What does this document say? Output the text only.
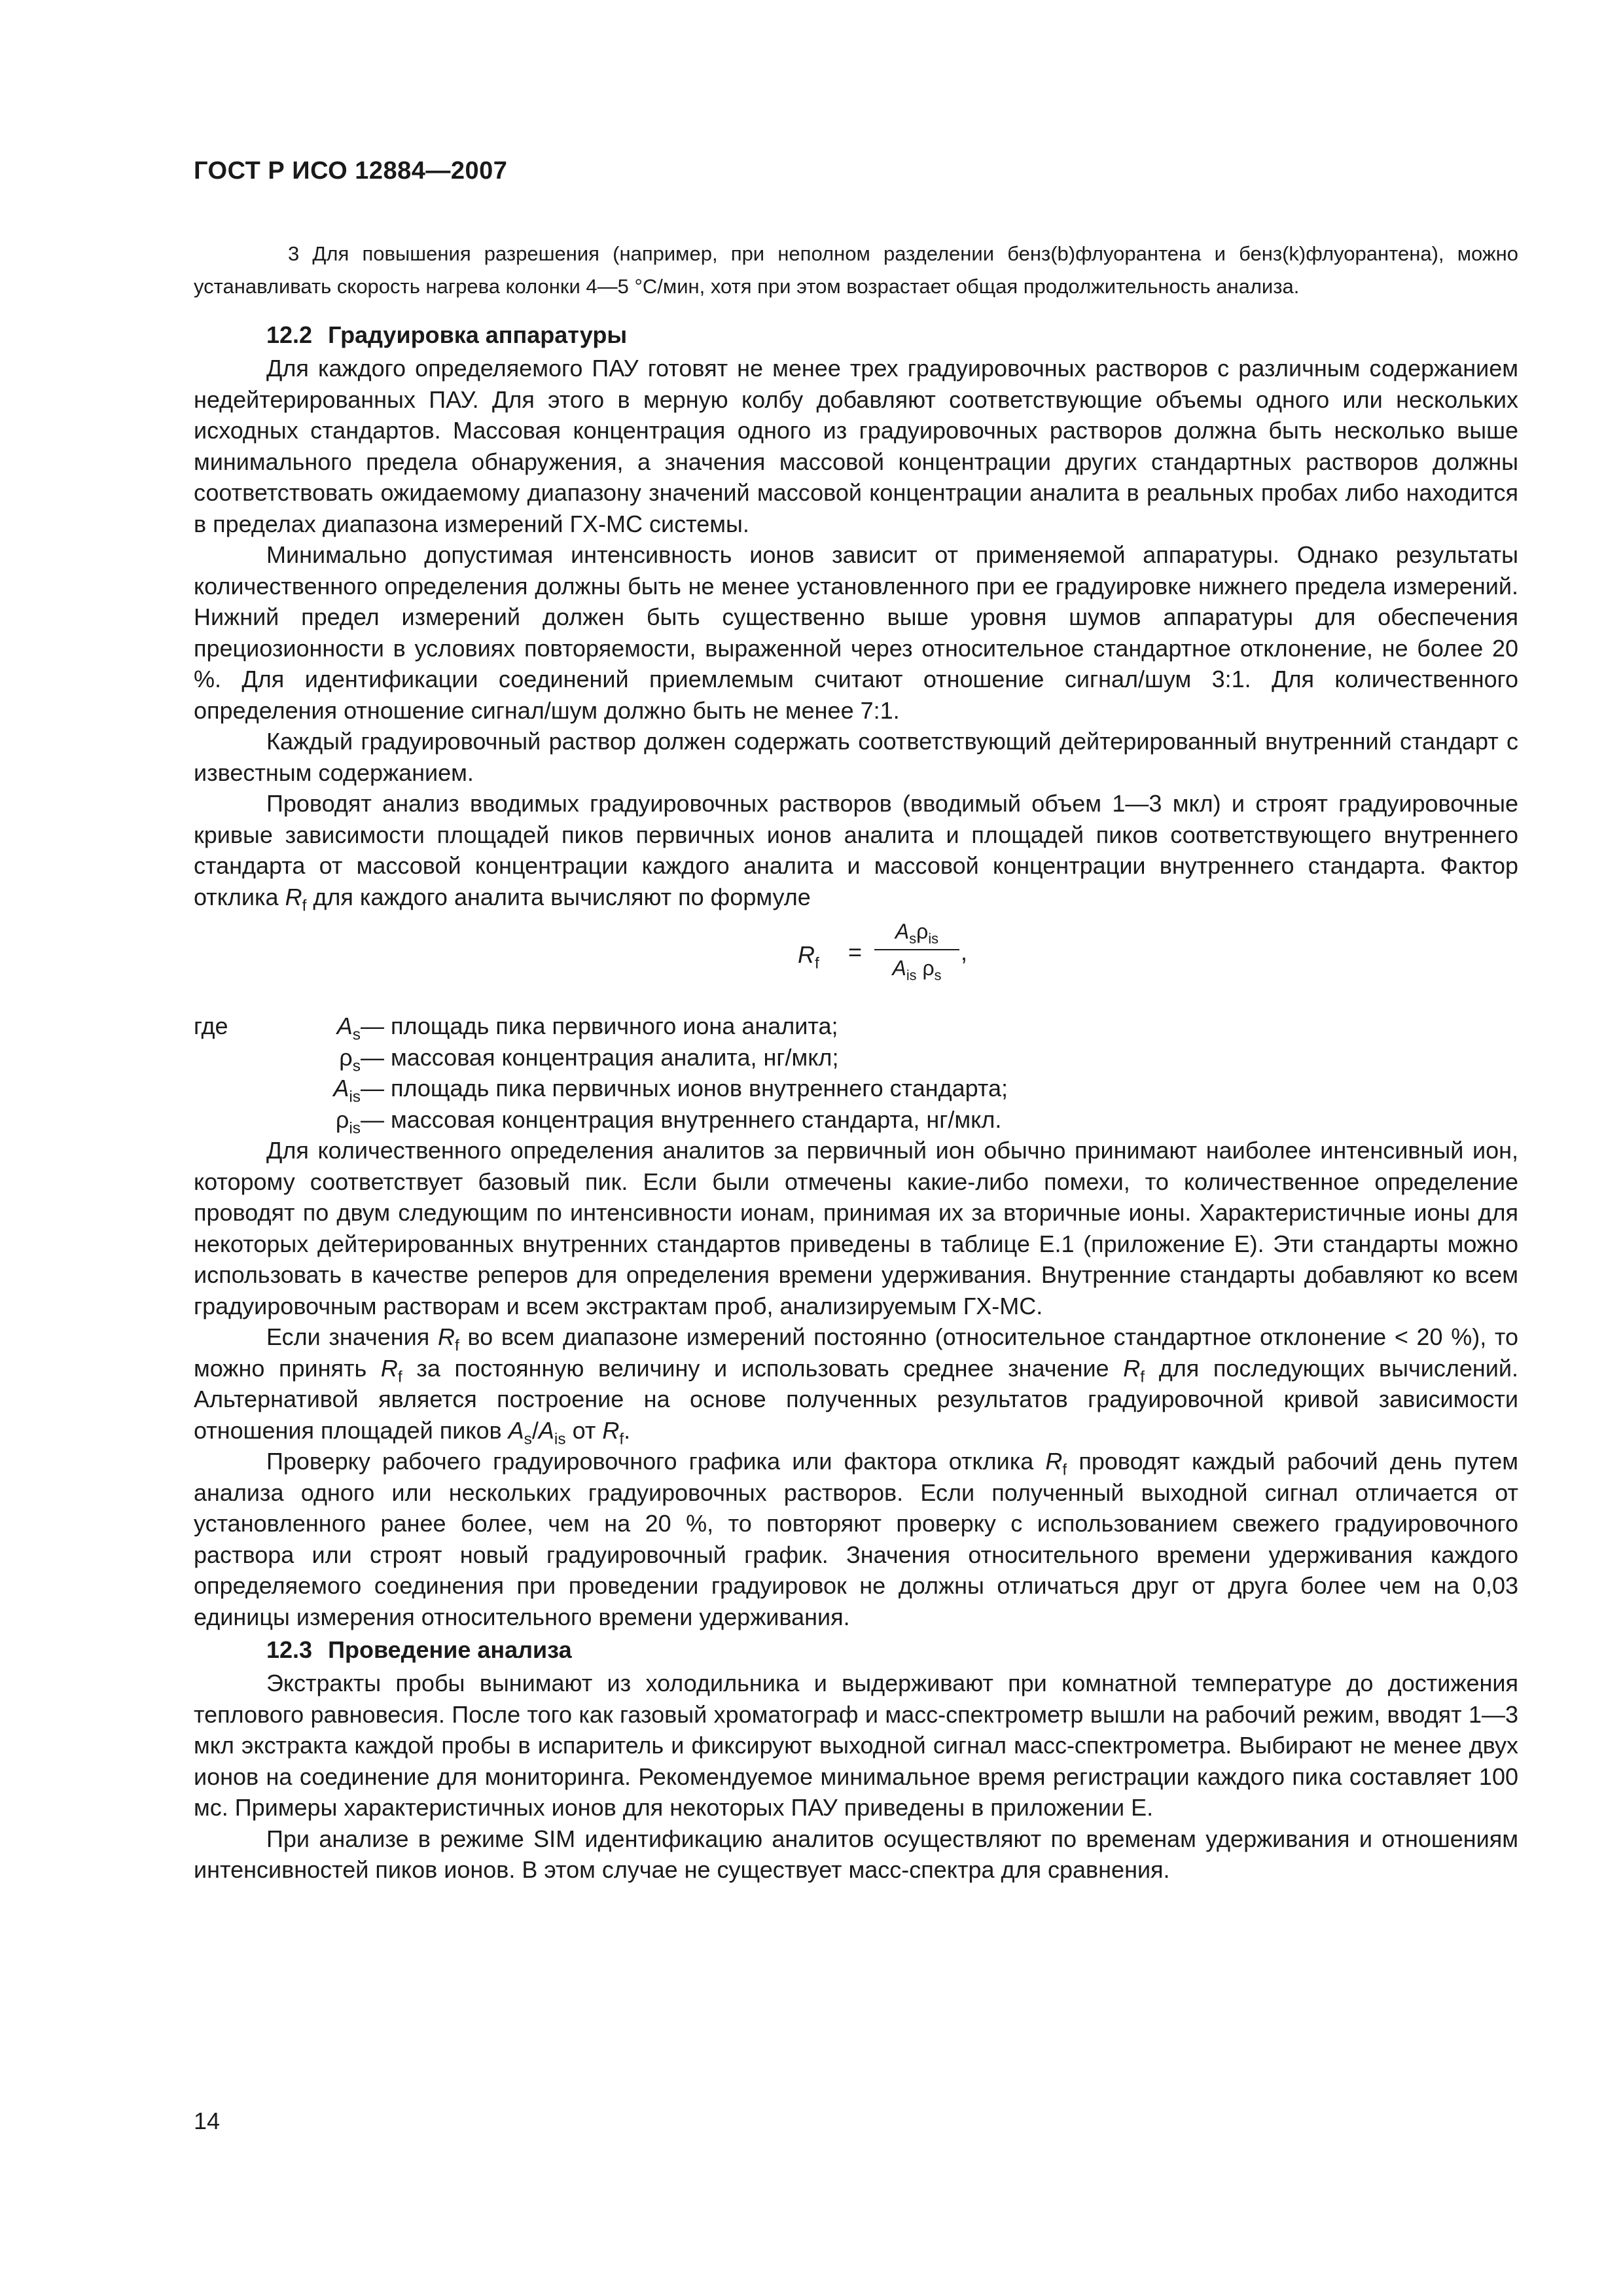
ГОСТ Р ИСО 12884—2007

3 Для повышения разрешения (например, при неполном разделении бенз(b)флуорантена и бенз(k)флуорантена), можно устанавливать скорость нагрева колонки 4—5 °С/мин, хотя при этом возрастает общая продолжительность анализа.

12.2 Градуировка аппаратуры

Для каждого определяемого ПАУ готовят не менее трех градуировочных растворов с различным содержанием недейтерированных ПАУ. Для этого в мерную колбу добавляют соответствующие объемы одного или нескольких исходных стандартов. Массовая концентрация одного из градуировочных растворов должна быть несколько выше минимального предела обнаружения, а значения массовой концентрации других стандартных растворов должны соответствовать ожидаемому диапазону значений массовой концентрации аналита в реальных пробах либо находится в пределах диапазона измерений ГХ-МС системы.

Минимально допустимая интенсивность ионов зависит от применяемой аппаратуры. Однако результаты количественного определения должны быть не менее установленного при ее градуировке нижнего предела измерений. Нижний предел измерений должен быть существенно выше уровня шумов аппаратуры для обеспечения прециозионности в условиях повторяемости, выраженной через относительное стандартное отклонение, не более 20 %. Для идентификации соединений приемлемым считают отношение сигнал/шум 3:1. Для количественного определения отношение сигнал/шум должно быть не менее 7:1.

Каждый градуировочный раствор должен содержать соответствующий дейтерированный внутренний стандарт с известным содержанием.

Проводят анализ вводимых градуировочных растворов (вводимый объем 1—3 мкл) и строят градуировочные кривые зависимости площадей пиков первичных ионов аналита и площадей пиков соответствующего внутреннего стандарта от массовой концентрации каждого аналита и массовой концентрации внутреннего стандарта. Фактор отклика $R_f$ для каждого аналита вычисляют по формуле

$R_f$ =
$A_s\rho_{is}$
$A_{is}$ $\rho_s$
,
где	$A_s$ — площадь пика первичного иона аналита;
$\rho_s$ — массовая концентрация аналита, нг/мкл;
$A_{is}$ — площадь пика первичных ионов внутреннего стандарта;
$\rho_{is}$ — массовая концентрация внутреннего стандарта, нг/мкл.

Для количественного определения аналитов за первичный ион обычно принимают наиболее интенсивный ион, которому соответствует базовый пик. Если были отмечены какие-либо помехи, то количественное определение проводят по двум следующим по интенсивности ионам, принимая их за вторичные ионы. Характеристичные ионы для некоторых дейтерированных внутренних стандартов приведены в таблице Е.1 (приложение Е). Эти стандарты можно использовать в качестве реперов для определения времени удерживания. Внутренние стандарты добавляют ко всем градуировочным растворам и всем экстрактам проб, анализируемым ГХ-МС.

Если значения $R_f$ во всем диапазоне измерений постоянно (относительное стандартное отклонение < 20 %), то можно принять $R_f$ за постоянную величину и использовать среднее значение $R_f$ для последующих вычислений. Альтернативой является построение на основе полученных результатов градуировочной кривой зависимости отношения площадей пиков $A_s/A_{is}$ от $R_f$.

Проверку рабочего градуировочного графика или фактора отклика $R_f$ проводят каждый рабочий день путем анализа одного или нескольких градуировочных растворов. Если полученный выходной сигнал отличается от установленного ранее более, чем на 20 %, то повторяют проверку с использованием свежего градуировочного раствора или строят новый градуировочный график. Значения относительного времени удерживания каждого определяемого соединения при проведении градуировок не должны отличаться друг от друга более чем на 0,03 единицы измерения относительного времени удерживания.

12.3 Проведение анализа

Экстракты пробы вынимают из холодильника и выдерживают при комнатной температуре до достижения теплового равновесия. После того как газовый хроматограф и масс-спектрометр вышли на рабочий режим, вводят 1—3 мкл экстракта каждой пробы в испаритель и фиксируют выходной сигнал масс-спектрометра. Выбирают не менее двух ионов на соединение для мониторинга. Рекомендуемое минимальное время регистрации каждого пика составляет 100 мс. Примеры характеристичных ионов для некоторых ПАУ приведены в приложении Е.

При анализе в режиме SIM идентификацию аналитов осуществляют по временам удерживания и отношениям интенсивностей пиков ионов. В этом случае не существует масс-спектра для сравнения.

14
